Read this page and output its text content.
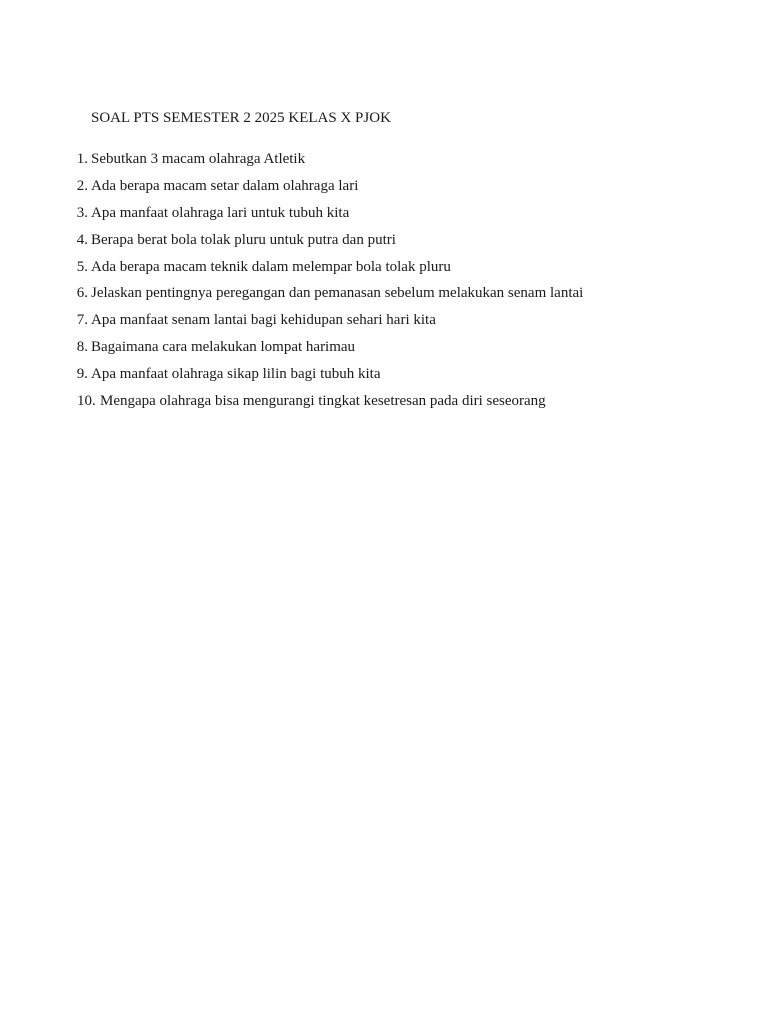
SOAL PTS SEMESTER 2 2025 KELAS X PJOK
1. Sebutkan 3 macam olahraga Atletik
2. Ada berapa macam setar dalam olahraga lari
3. Apa manfaat olahraga lari untuk tubuh kita
4. Berapa berat bola tolak pluru untuk putra dan putri
5. Ada berapa macam teknik dalam melempar bola tolak pluru
6. Jelaskan pentingnya peregangan dan pemanasan sebelum melakukan senam lantai
7. Apa manfaat senam lantai bagi kehidupan sehari hari kita
8. Bagaimana cara melakukan lompat harimau
9. Apa manfaat olahraga sikap lilin bagi tubuh kita
10. Mengapa olahraga bisa mengurangi tingkat kesetresan pada diri seseorang
